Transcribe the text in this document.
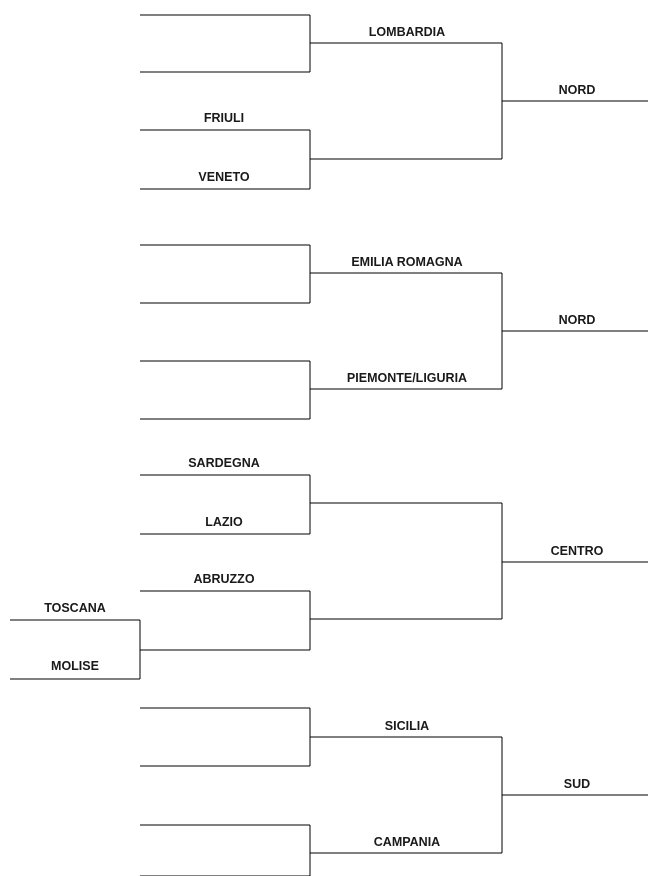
TOSCANA
MOLISE
FRIULI
VENETO
SARDEGNA
LAZIO
ABRUZZO
LOMBARDIA
EMILIA ROMAGNA
PIEMONTE/LIGURIA
SICILIA
CAMPANIA
NORD
NORD
CENTRO
SUD
